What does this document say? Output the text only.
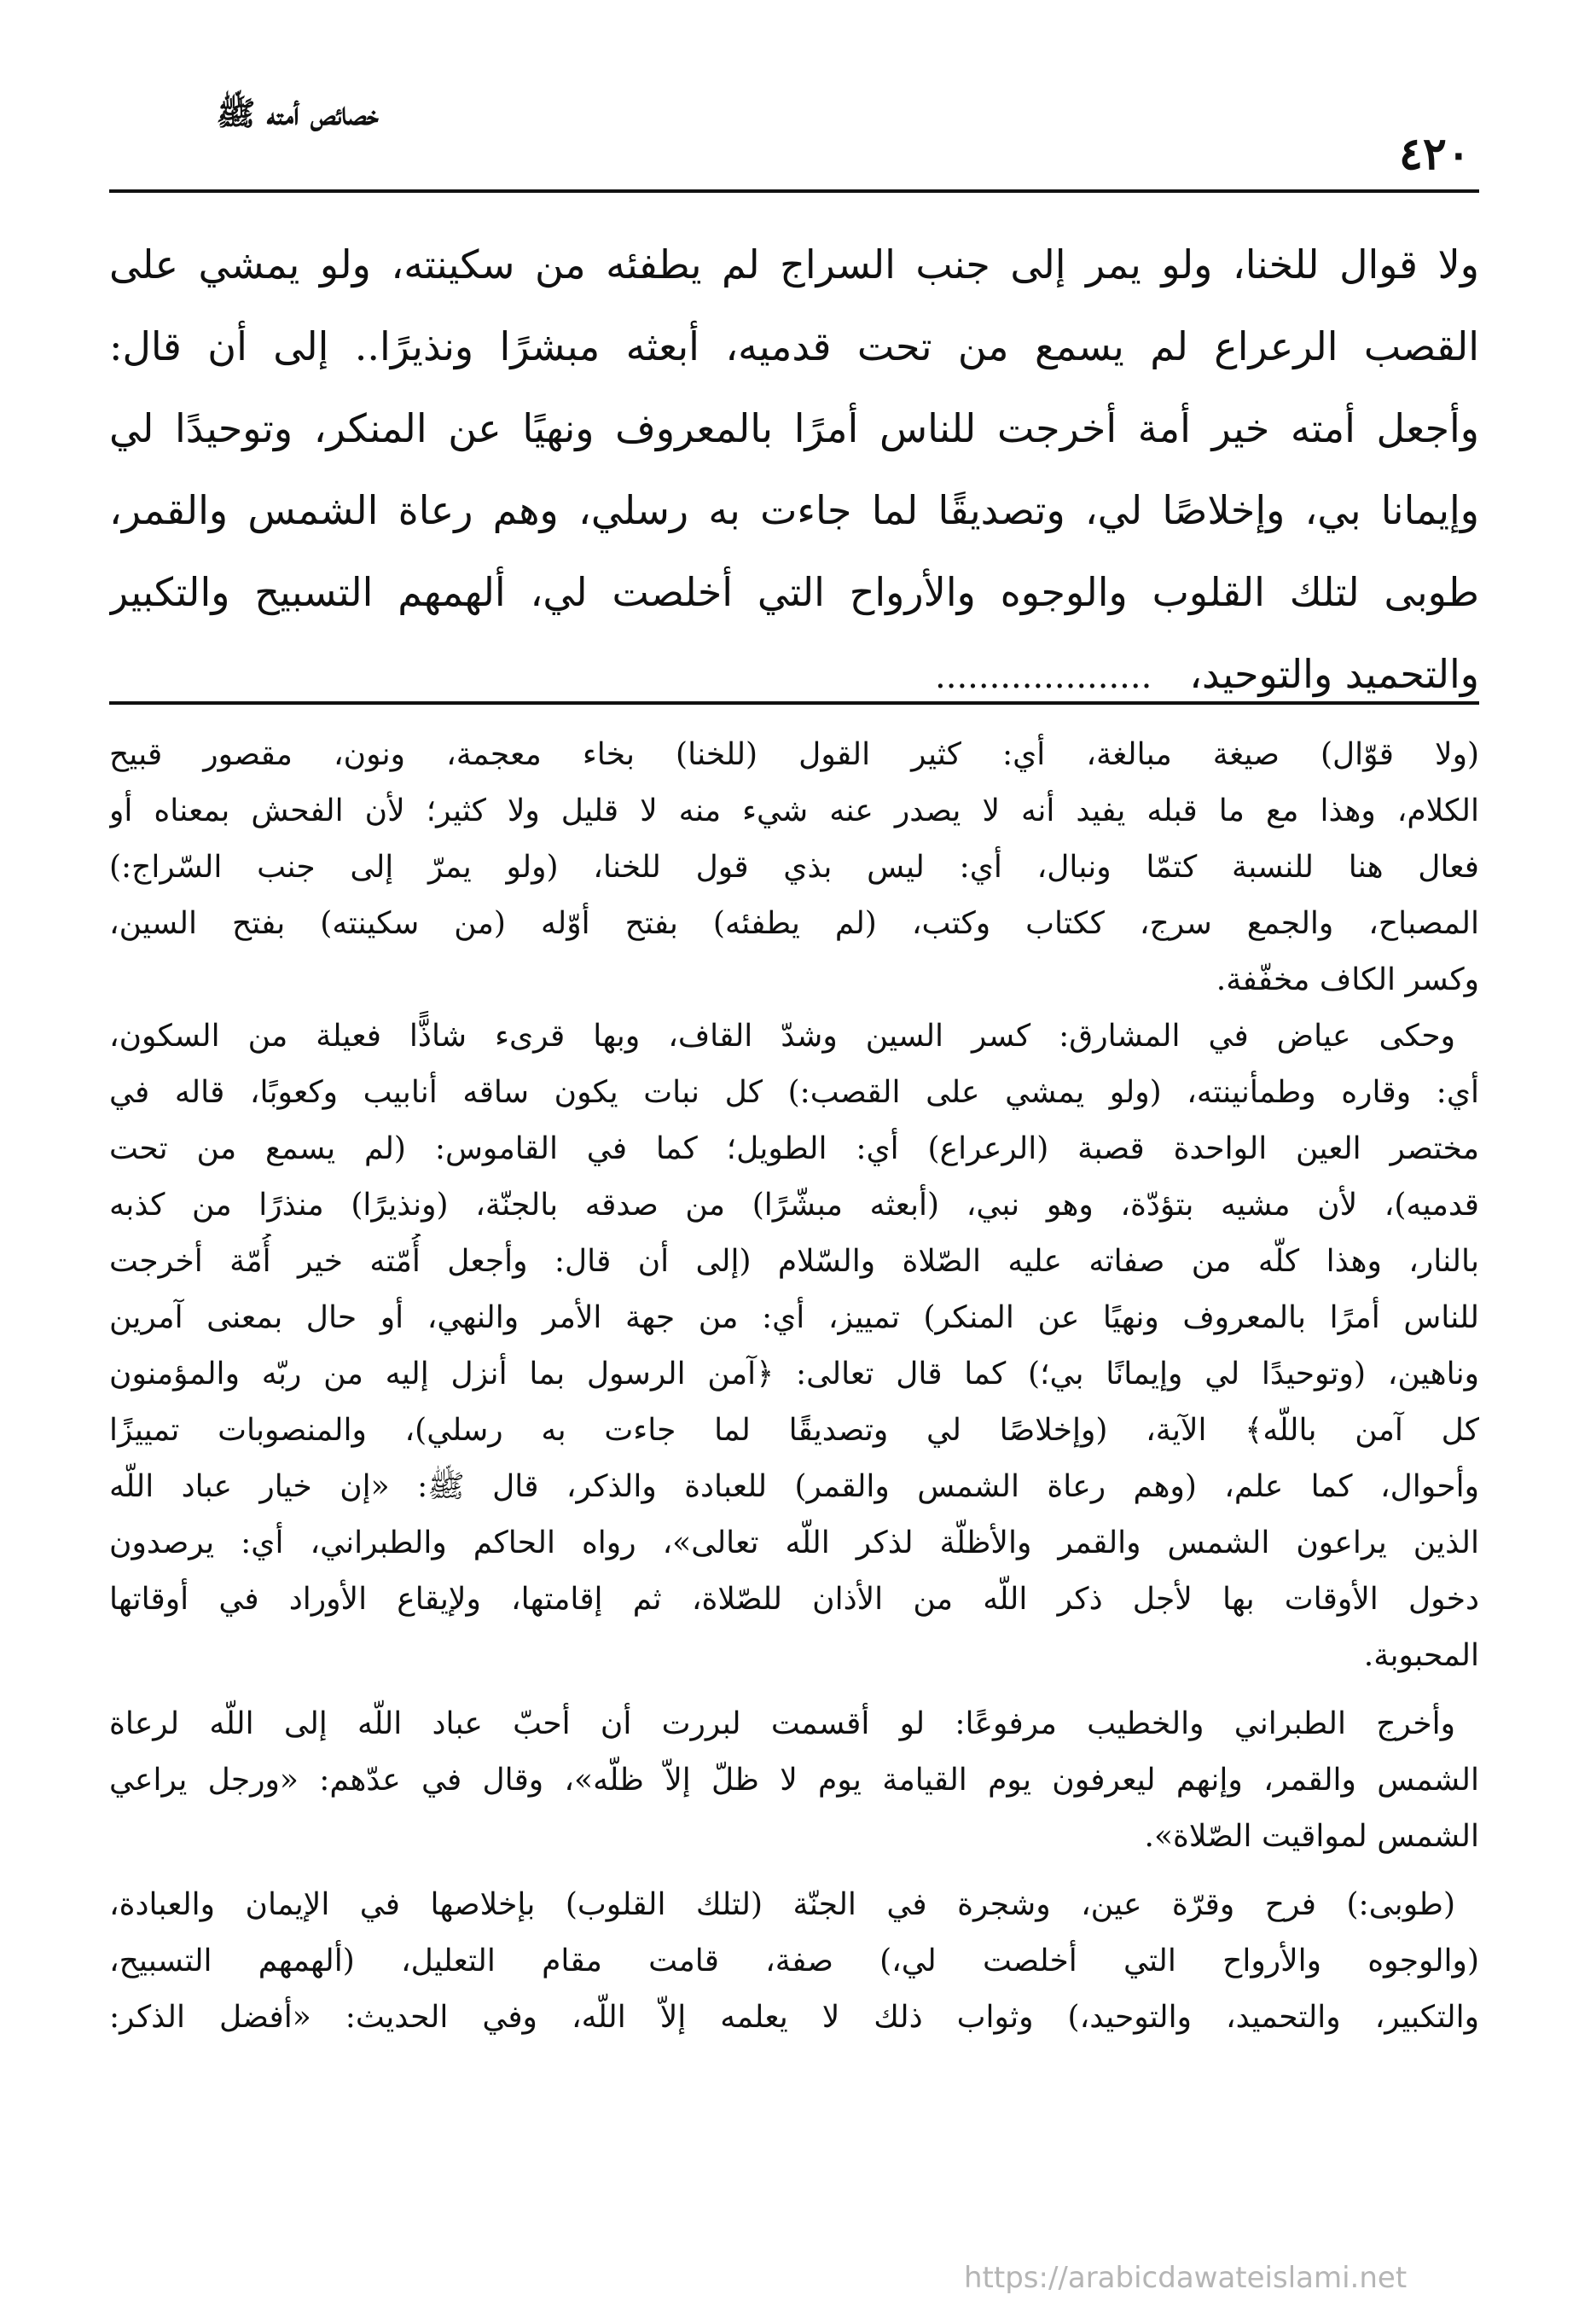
خصائص أمته ﷺ
٤٢٠
ولا قوال للخنا، ولو يمر إلى جنب السراج لم يطفئه من سكينته، ولو يمشي على
القصب الرعراع لم يسمع من تحت قدميه، أبعثه مبشرًا ونذيرًا.. إلى أن قال:
وأجعل أمته خير أمة أخرجت للناس أمرًا بالمعروف ونهيًا عن المنكر، وتوحيدًا لي
وإيمانا بي، وإخلاصًا لي، وتصديقًا لما جاءت به رسلي، وهم رعاة الشمس والقمر،
طوبى لتلك القلوب والوجوه والأرواح التي أخلصت لي، ألهمهم التسبيح والتكبير
والتحميد والتوحيد،   ....................
(ولا قوّال) صيغة مبالغة، أي: كثير القول (للخنا) بخاء معجمة، ونون، مقصور قبيح
الكلام، وهذا مع ما قبله يفيد أنه لا يصدر عنه شيء منه لا قليل ولا كثير؛ لأن الفحش بمعناه أو
فعال هنا للنسبة كتمّا ونبال، أي: ليس بذي قول للخنا، (ولو يمرّ إلى جنب السّراج:)
المصباح، والجمع سرج، ككتاب وكتب، (لم يطفئه) بفتح أوّله (من سكينته) بفتح السين،
وكسر الكاف مخفّفة.
وحكى عياض في المشارق: كسر السين وشدّ القاف، وبها قرىء شاذًّا فعيلة من السكون،
أي: وقاره وطمأنينته، (ولو يمشي على القصب:) كل نبات يكون ساقه أنابيب وكعوبًا، قاله في
مختصر العين الواحدة قصبة (الرعراع) أي: الطويل؛ كما في القاموس: (لم يسمع من تحت
قدميه)، لأن مشيه بتؤدّة، وهو نبي، (أبعثه مبشّرًا) من صدقه بالجنّة، (ونذيرًا) منذرًا من كذبه
بالنار، وهذا كلّه من صفاته عليه الصّلاة والسّلام (إلى أن قال: وأجعل أُمّته خير أُمّة أخرجت
للناس أمرًا بالمعروف ونهيًا عن المنكر) تمييز، أي: من جهة الأمر والنهي، أو حال بمعنى آمرين
وناهين، (وتوحيدًا لي وإيمانًا بي؛) كما قال تعالى: ﴿آمن الرسول بما أنزل إليه من ربّه والمؤمنون
كل آمن باللّه﴾ الآية، (وإخلاصًا لي وتصديقًا لما جاءت به رسلي)، والمنصوبات تمييزًا
وأحوال، كما علم، (وهم رعاة الشمس والقمر) للعبادة والذكر، قال ﷺ: «إن خيار عباد اللّه
الذين يراعون الشمس والقمر والأظلّة لذكر اللّه تعالى»، رواه الحاكم والطبراني، أي: يرصدون
دخول الأوقات بها لأجل ذكر اللّه من الأذان للصّلاة، ثم إقامتها، ولإيقاع الأوراد في أوقاتها
المحبوبة.
وأخرج الطبراني والخطيب مرفوعًا: لو أقسمت لبررت أن أحبّ عباد اللّه إلى اللّه لرعاة
الشمس والقمر، وإنهم ليعرفون يوم القيامة يوم لا ظلّ إلاّ ظلّه»، وقال في عدّهم: «ورجل يراعي
الشمس لمواقيت الصّلاة».
(طوبى:) فرح وقرّة عين، وشجرة في الجنّة (لتلك القلوب) بإخلاصها في الإيمان والعبادة،
(والوجوه والأرواح التي أخلصت لي،) صفة، قامت مقام التعليل، (ألهمهم التسبيح،
والتكبير، والتحميد، والتوحيد،) وثواب ذلك لا يعلمه إلاّ اللّه، وفي الحديث: «أفضل الذكر:
https://arabicdawateislami.net
